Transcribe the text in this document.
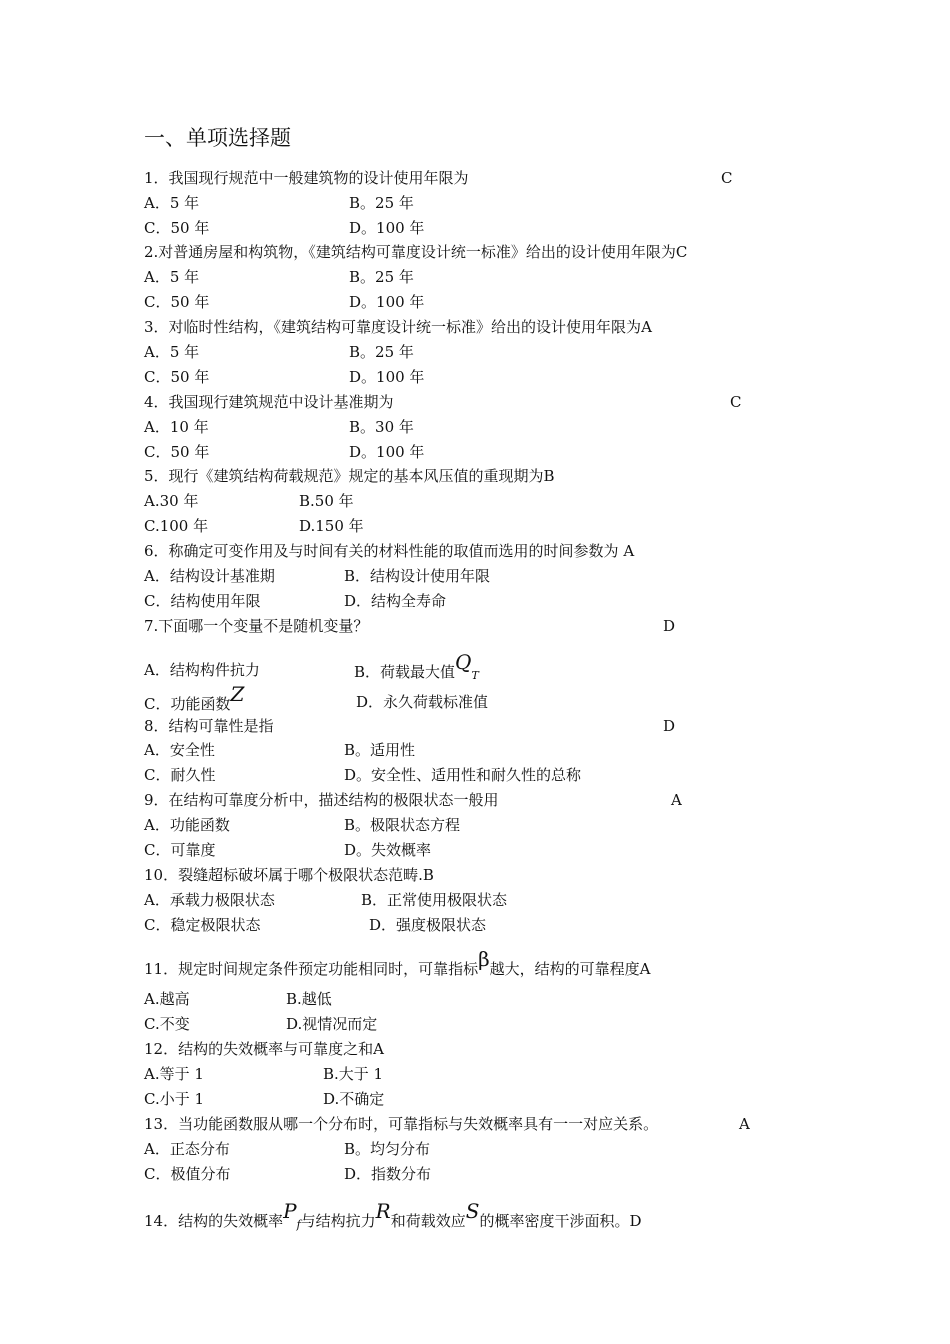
一、单项选择题
1．我国现行规范中一般建筑物的设计使用年限为	C
A．5 年	B。25 年
C．50 年	D。100 年
2.对普通房屋和构筑物，《建筑结构可靠度设计统一标准》给出的设计使用年限为C
A．5 年	B。25 年
C．50 年	D。100 年
3．对临时性结构，《建筑结构可靠度设计统一标准》给出的设计使用年限为A
A．5 年	B。25 年
C．50 年	D。100 年
4．我国现行建筑规范中设计基准期为	C
A．10 年	B。30 年
C．50 年	D。100 年
5．现行《建筑结构荷载规范》规定的基本风压值的重现期为B
A.30 年	B.50 年
C.100 年	D.150 年
6．称确定可变作用及与时间有关的材料性能的取值而选用的时间参数为 A
A．结构设计基准期	B．结构设计使用年限
C．结构使用年限	D．结构全寿命
7.下面哪一个变量不是随机变量？	D
A．结构构件抗力	B．荷载最大值QT
C．功能函数Z	D．永久荷载标准值
8．结构可靠性是指	D
A．安全性	B。适用性
C．耐久性	D。安全性、适用性和耐久性的总称
9．在结构可靠度分析中，描述结构的极限状态一般用	A
A．功能函数	B。极限状态方程
C．可靠度	D。失效概率
10．裂缝超标破坏属于哪个极限状态范畴.B
A．承载力极限状态	B．正常使用极限状态
C．稳定极限状态	D．强度极限状态
11．规定时间规定条件预定功能相同时，可靠指标β越大，结构的可靠程度A
A.越高	B.越低
C.不变	D.视情况而定
12．结构的失效概率与可靠度之和A
A.等于 1	B.大于 1
C.小于 1	D.不确定
13．当功能函数服从哪一个分布时，可靠指标与失效概率具有一一对应关系。	A
A．正态分布	B。均匀分布
C．极值分布	D．指数分布
14．结构的失效概率Pf与结构抗力R和荷载效应S的概率密度干涉面积。D
